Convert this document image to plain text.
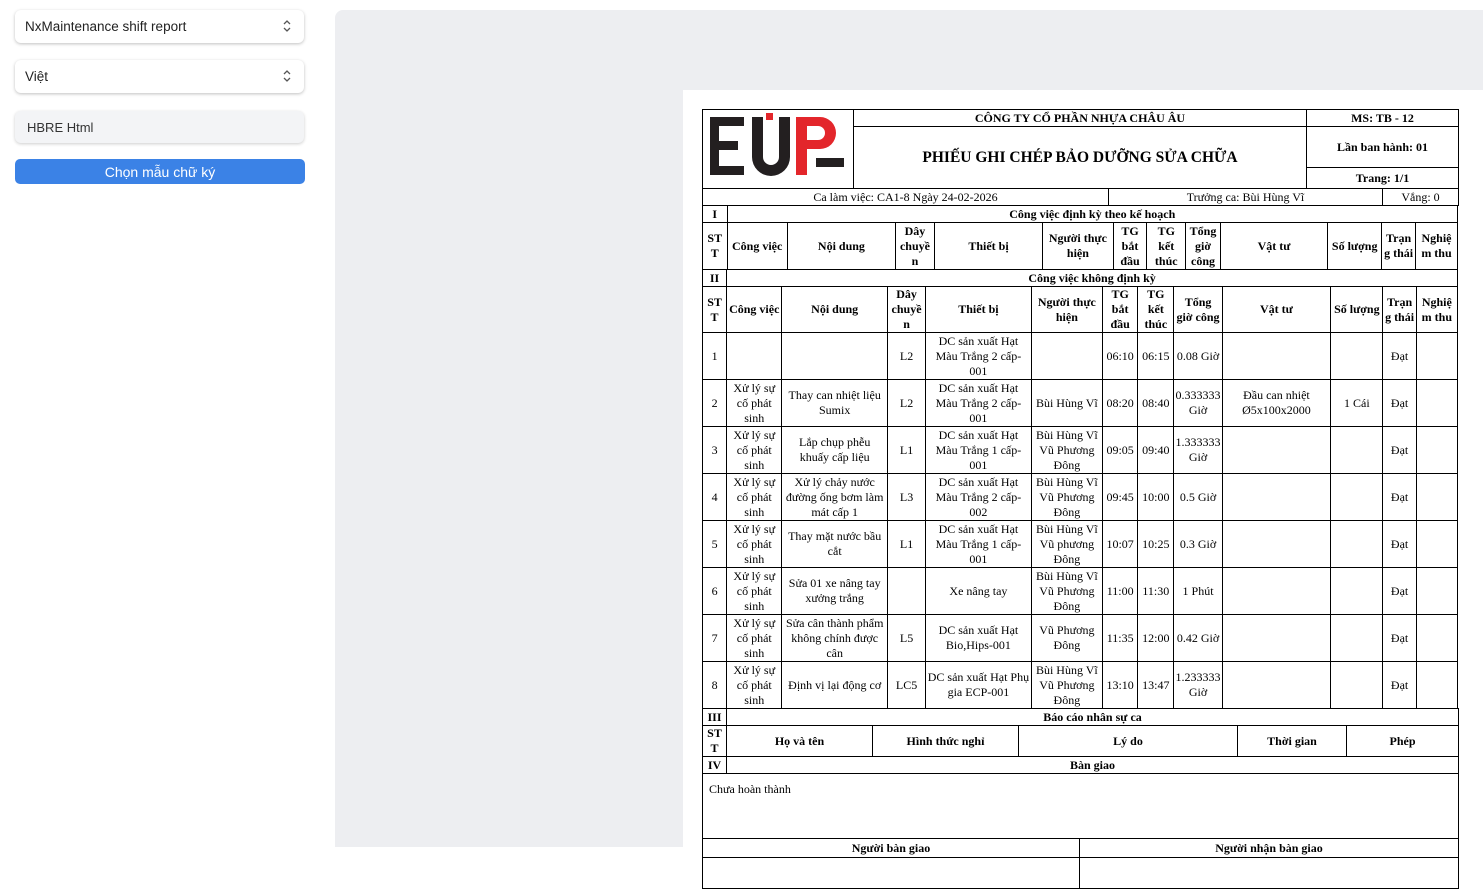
NxMaintenance shift report
Việt
HBRE Html
Chọn mẫu chữ ký
	CÔNG TY CỔ PHẦN NHỰA CHÂU ÂU	MS: TB - 12
	PHIẾU GHI CHÉP BẢO DƯỠNG SỬA CHỮA	Lần ban hành: 01
		Trang: 1/1
Ca làm việc: CA1-8 Ngày 24-02-2026	Trưởng ca: Bùi Hùng Vĩ	Vắng: 0
I	Công việc định kỳ theo kế hoạch											
STT	Công việc	Nội dung	Dây chuyền	Thiết bị	Người thực hiện	TG bắt đầu	TG kết thúc	Tổng giờ công	Vật tư	Số lượng	Trạng thái	Nghiệm thu
II	Công việc không định kỳ											
STT	Công việc	Nội dung	Dây chuyền	Thiết bị	Người thực hiện	TG bắt đầu	TG kết thúc	Tổng giờ công	Vật tư	Số lượng	Trạng thái	Nghiệm thu
1			L2	DC sản xuất Hạt Màu Trắng 2 cấp-001		06:10	06:15	0.08 Giờ			Đạt	
2	Xử lý sự cố phát sinh	Thay can nhiệt liệu Sumix	L2	DC sản xuất Hạt Màu Trắng 2 cấp-001	Bùi Hùng Vĩ	08:20	08:40	0.333333 Giờ	Đầu can nhiệt Ø5x100x2000	1 Cái	Đạt	
3	Xử lý sự cố phát sinh	Lắp chụp phễu khuấy cấp liệu	L1	DC sản xuất Hạt Màu Trắng 1 cấp-001	Bùi Hùng Vĩ Vũ Phương Đông	09:05	09:40	1.333333 Giờ			Đạt	
4	Xử lý sự cố phát sinh	Xử lý chảy nước đường ống bơm làm mát cấp 1	L3	DC sản xuất Hạt Màu Trắng 2 cấp-002	Bùi Hùng Vĩ Vũ Phương Đông	09:45	10:00	0.5 Giờ			Đạt	
5	Xử lý sự cố phát sinh	Thay mặt nước bầu cắt	L1	DC sản xuất Hạt Màu Trắng 1 cấp-001	Bùi Hùng Vĩ Vũ phương Đông	10:07	10:25	0.3 Giờ			Đạt	
6	Xử lý sự cố phát sinh	Sửa 01 xe nâng tay xưởng trắng		Xe nâng tay	Bùi Hùng Vĩ Vũ Phương Đông	11:00	11:30	1 Phút			Đạt	
7	Xử lý sự cố phát sinh	Sửa cân thành phẩm không chính được cân	L5	DC sản xuất Hạt Bio,Hips-001	Vũ Phương Đông	11:35	12:00	0.42 Giờ			Đạt	
8	Xử lý sự cố phát sinh	Định vị lại động cơ	LC5	DC sản xuất Hạt Phụ gia ECP-001	Bùi Hùng Vĩ Vũ Phương Đông	13:10	13:47	1.233333 Giờ			Đạt	
III	Báo cáo nhân sự ca				
STT	Họ và tên	Hình thức nghỉ	Lý do	Thời gian	Phép
IV	Bàn giao				
Chưa hoàn thành					
Người bàn giao	Người nhận bàn giao
